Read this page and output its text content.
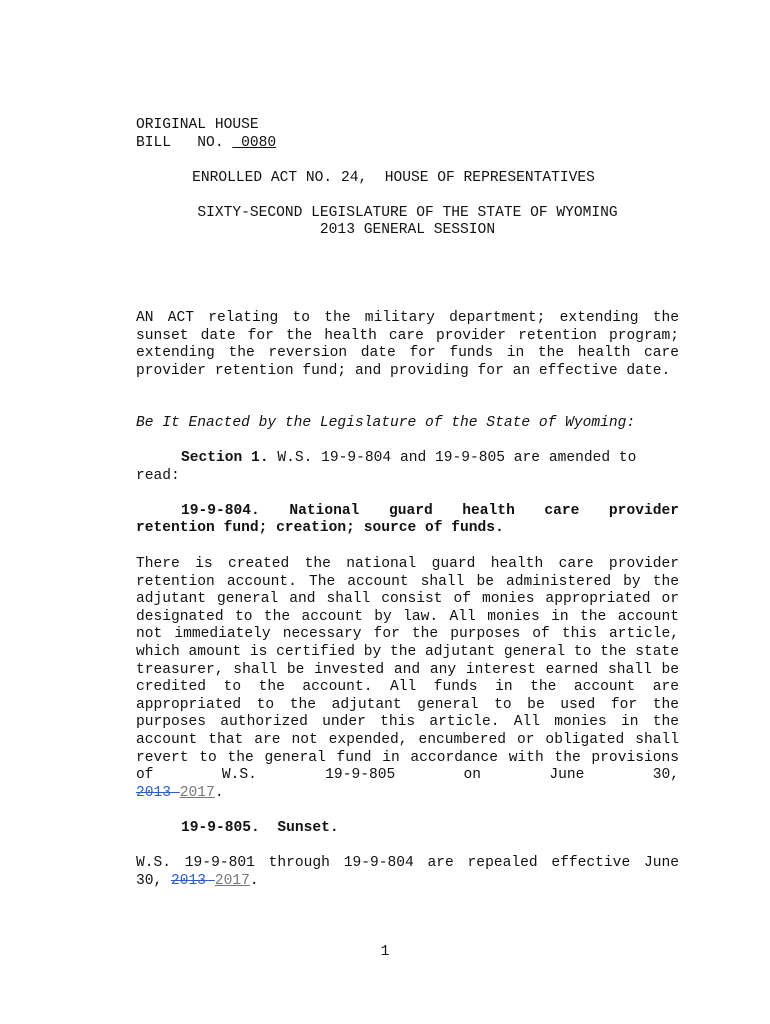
ORIGINAL HOUSE
BILL   NO.  0080
ENROLLED ACT NO. 24,  HOUSE OF REPRESENTATIVES
SIXTY-SECOND LEGISLATURE OF THE STATE OF WYOMING
2013 GENERAL SESSION
AN ACT relating to the military department; extending the sunset date for the health care provider retention program; extending the reversion date for funds in the health care provider retention fund; and providing for an effective date.
Be It Enacted by the Legislature of the State of Wyoming:
Section 1. W.S. 19-9-804 and 19-9-805 are amended to
read:
19-9-804. National guard health care provider
retention fund; creation; source of funds.
There is created the national guard health care provider retention account. The account shall be administered by the adjutant general and shall consist of monies appropriated or designated to the account by law. All monies in the account not immediately necessary for the purposes of this article, which amount is certified by the adjutant general to the state treasurer, shall be invested and any interest earned shall be credited to the account. All funds in the account are appropriated to the adjutant general to be used for the purposes authorized under this article. All monies in the account that are not expended, encumbered or obligated shall revert to the general fund in accordance with the provisions of W.S. 19-9-805 on June 30,
2013 2017.
19-9-805.  Sunset.
W.S. 19-9-801 through 19-9-804 are repealed effective June
30, 2013 2017.
1
